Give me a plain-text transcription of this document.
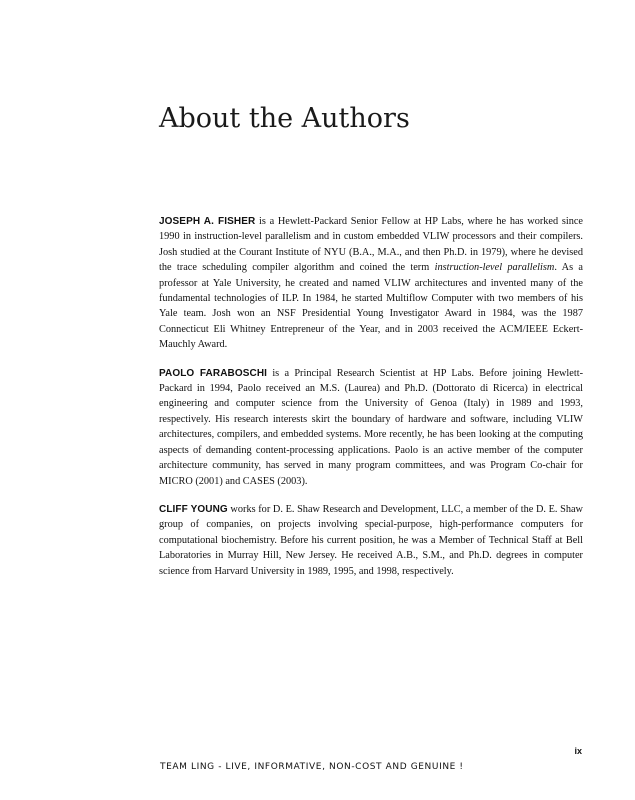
About the Authors

JOSEPH A. FISHER is a Hewlett-Packard Senior Fellow at HP Labs, where he has worked since 1990 in instruction-level parallelism and in custom embedded VLIW processors and their compilers. Josh studied at the Courant Institute of NYU (B.A., M.A., and then Ph.D. in 1979), where he devised the trace scheduling compiler algorithm and coined the term instruction-level parallelism. As a professor at Yale University, he created and named VLIW architectures and invented many of the fundamental technologies of ILP. In 1984, he started Multiflow Computer with two members of his Yale team. Josh won an NSF Presidential Young Investigator Award in 1984, was the 1987 Connecticut Eli Whitney Entrepreneur of the Year, and in 2003 received the ACM/IEEE Eckert-Mauchly Award.

PAOLO FARABOSCHI is a Principal Research Scientist at HP Labs. Before joining Hewlett-Packard in 1994, Paolo received an M.S. (Laurea) and Ph.D. (Dottorato di Ricerca) in electrical engineering and computer science from the University of Genoa (Italy) in 1989 and 1993, respectively. His research interests skirt the boundary of hardware and software, including VLIW architectures, compilers, and embedded systems. More recently, he has been looking at the computing aspects of demanding content-processing applications. Paolo is an active member of the computer architecture community, has served in many program committees, and was Program Co-chair for MICRO (2001) and CASES (2003).

CLIFF YOUNG works for D. E. Shaw Research and Development, LLC, a member of the D. E. Shaw group of companies, on projects involving special-purpose, high-performance computers for computational biochemistry. Before his current position, he was a Member of Technical Staff at Bell Laboratories in Murray Hill, New Jersey. He received A.B., S.M., and Ph.D. degrees in computer science from Harvard University in 1989, 1995, and 1998, respectively.

ix
TEAM LING - LIVE, INFORMATIVE, NON-COST AND GENUINE !
